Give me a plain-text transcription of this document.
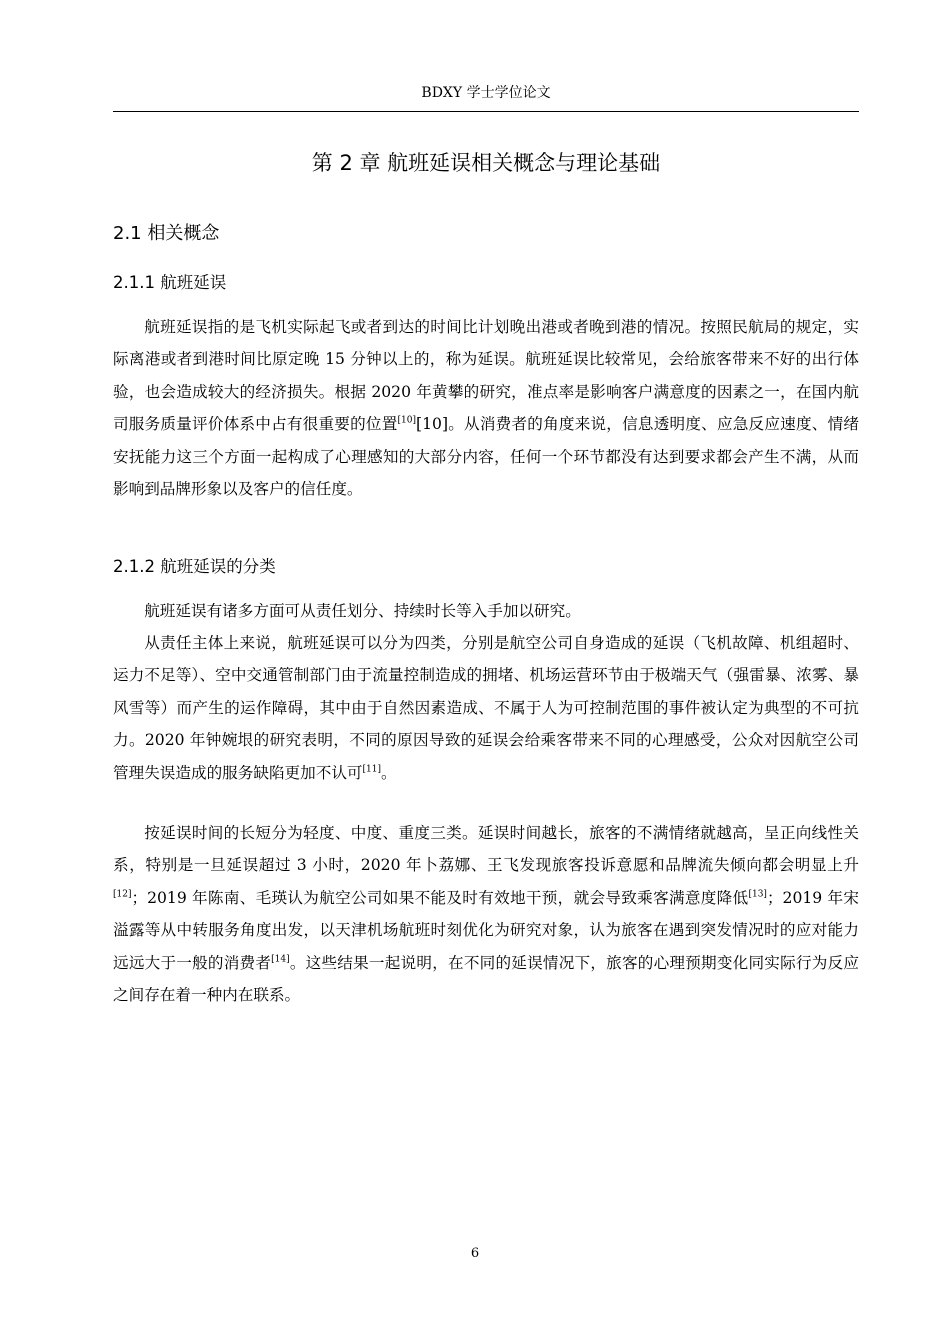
BDXY 学士学位论文
第 2 章 航班延误相关概念与理论基础
2.1 相关概念
2.1.1 航班延误

航班延误指的是飞机实际起飞或者到达的时间比计划晚出港或者晚到港的情况。按照民航局的规定，实际离港或者到港时间比原定晚 15 分钟以上的，称为延误。航班延误比较常见，会给旅客带来不好的出行体验，也会造成较大的经济损失。根据 2020 年黄攀的研究，准点率是影响客户满意度的因素之一，在国内航司服务质量评价体系中占有很重要的位置[10][10]。从消费者的角度来说，信息透明度、应急反应速度、情绪安抚能力这三个方面一起构成了心理感知的大部分内容，任何一个环节都没有达到要求都会产生不满，从而影响到品牌形象以及客户的信任度。

2.1.2 航班延误的分类

航班延误有诸多方面可从责任划分、持续时长等入手加以研究。

从责任主体上来说，航班延误可以分为四类，分别是航空公司自身造成的延误（飞机故障、机组超时、运力不足等）、空中交通管制部门由于流量控制造成的拥堵、机场运营环节由于极端天气（强雷暴、浓雾、暴风雪等）而产生的运作障碍，其中由于自然因素造成、不属于人为可控制范围的事件被认定为典型的不可抗力。2020 年钟婉垠的研究表明，不同的原因导致的延误会给乘客带来不同的心理感受，公众对因航空公司管理失误造成的服务缺陷更加不认可[11]。

按延误时间的长短分为轻度、中度、重度三类。延误时间越长，旅客的不满情绪就越高，呈正向线性关系，特别是一旦延误超过 3 小时，2020 年卜荔娜、王飞发现旅客投诉意愿和品牌流失倾向都会明显上升[12]；2019 年陈南、毛瑛认为航空公司如果不能及时有效地干预，就会导致乘客满意度降低[13]；2019 年宋溢露等从中转服务角度出发，以天津机场航班时刻优化为研究对象，认为旅客在遇到突发情况时的应对能力远远大于一般的消费者[14]。这些结果一起说明，在不同的延误情况下，旅客的心理预期变化同实际行为反应之间存在着一种内在联系。

6
